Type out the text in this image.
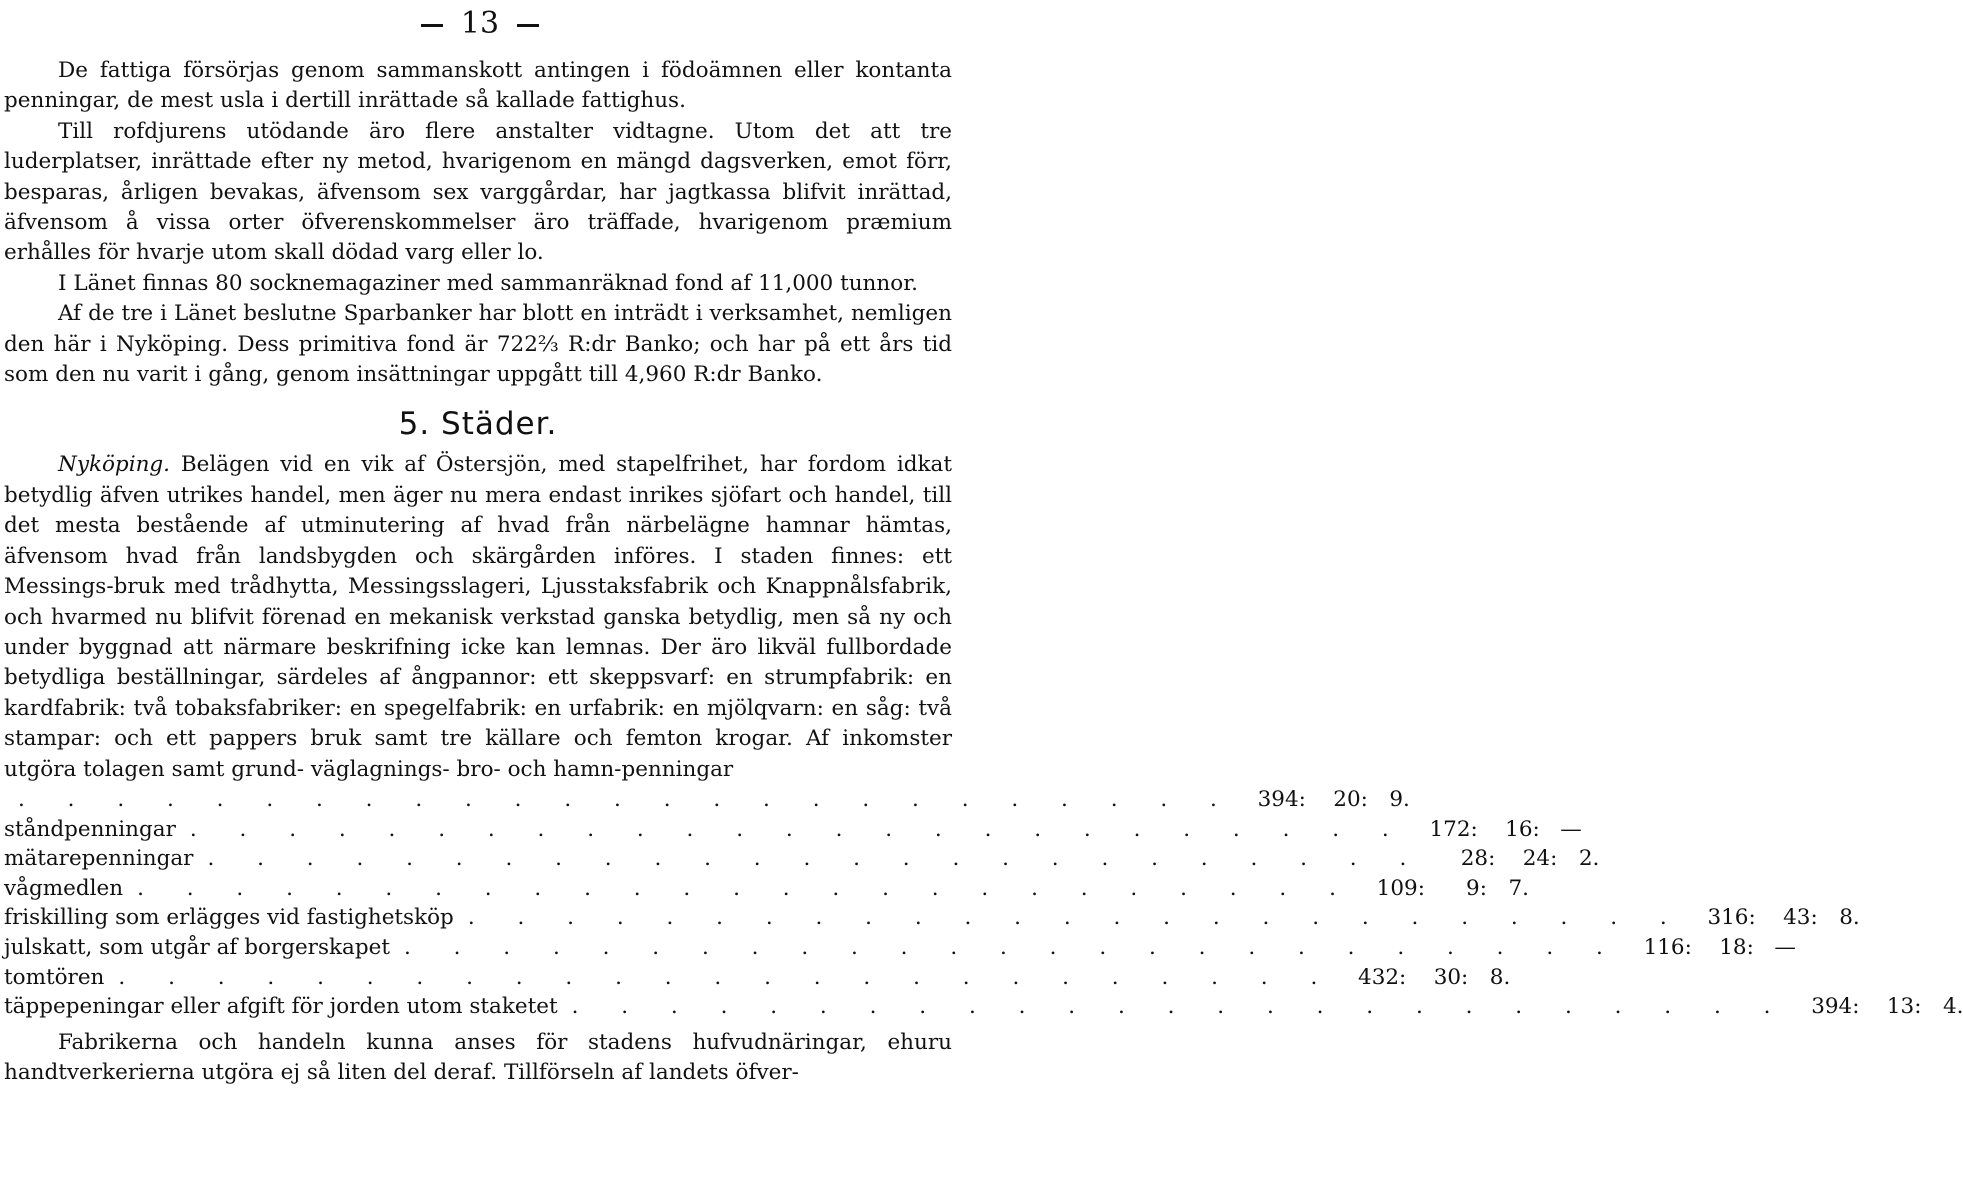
13

De fattiga försörjas genom sammanskott antingen i födoämnen eller kontanta penningar, de mest usla i dertill inrättade så kallade fattighus.

Till rofdjurens utödande äro flere anstalter vidtagne. Utom det att tre luderplatser, inrättade efter ny metod, hvarigenom en mängd dagsverken, emot förr, besparas, årligen bevakas, äfvensom sex varggårdar, har jagtkassa blifvit inrättad, äfvensom å vissa orter öfverenskommelser äro träffade, hvarigenom præmium erhålles för hvarje utom skall dödad varg eller lo.

I Länet finnas 80 socknemagaziner med sammanräknad fond af 11,000 tunnor.

Af de tre i Länet beslutne Sparbanker har blott en inträdt i verksamhet, nemligen den här i Nyköping. Dess primitiva fond är 722⅔ R:dr Banko; och har på ett års tid som den nu varit i gång, genom insättningar uppgått till 4,960 R:dr Banko.

5. Städer.

Nyköping. Belägen vid en vik af Östersjön, med stapelfrihet, har fordom idkat betydlig äfven utrikes handel, men äger nu mera endast inrikes sjöfart och handel, till det mesta bestående af utminutering af hvad från närbelägne hamnar hämtas, äfvensom hvad från landsbygden och skärgården införes. I staden finnes: ett Messings-bruk med trådhytta, Messingsslageri, Ljusstaksfabrik och Knappnålsfabrik, och hvarmed nu blifvit förenad en mekanisk verkstad ganska betydlig, men så ny och under byggnad att närmare beskrifning icke kan lemnas. Der äro likväl fullbordade betydliga beställningar, särdeles af ångpannor: ett skeppsvarf: en strumpfabrik: en kardfabrik: två tobaksfabriker: en spegelfabrik: en urfabrik: en mjölqvarn: en såg: två stampar: och ett pappers bruk samt tre källare och femton krogar. Af inkomster utgöra tolagen samt grund- väglagnings- bro- och hamn-penningar

. . . . . . . . . . . . . . . . . . . . . . . . .	394:	20: 9.
ståndpenningar . . . . . . . . . . . . . . . . . . . . . . . . .	172:	16: —
mätarepenningar . . . . . . . . . . . . . . . . . . . . . . . . .	28:	24: 2.
vågmedlen . . . . . . . . . . . . . . . . . . . . . . . . .	109:	9: 7.
friskilling som erlägges vid fastighetsköp . . . . . . . . . . . . . . . . . . . . . . . . .	316:	43: 8.
julskatt, som utgår af borgerskapet . . . . . . . . . . . . . . . . . . . . . . . . .	116:	18: —
tomtören . . . . . . . . . . . . . . . . . . . . . . . . .	432:	30: 8.
täppepeningar eller afgift för jorden utom staketet . . . . . . . . . . . . . . . . . . . . . . . . .	394:	13: 4.

Fabrikerna och handeln kunna anses för stadens hufvudnäringar, ehuru handtverkerierna utgöra ej så liten del deraf. Tillförseln af landets öfver-
